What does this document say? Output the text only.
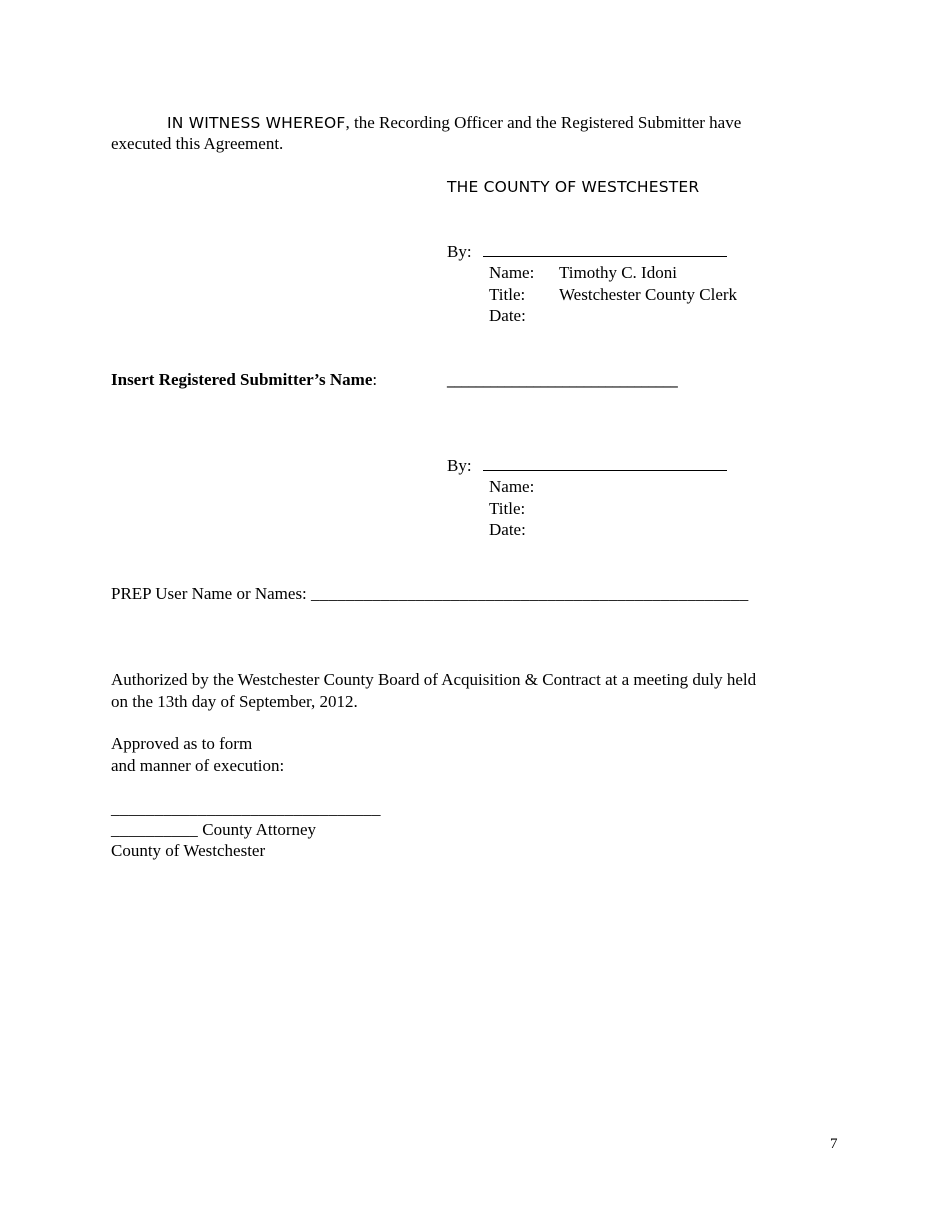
IN WITNESS WHEREOF, the Recording Officer and the Registered Submitter have
executed this Agreement.
THE COUNTY OF WESTCHESTER
By:
Name: Timothy C. Idoni
Title: Westchester County Clerk
Date:
Insert Registered Submitter’s Name:	________________________________
By:
Name:
Title:
Date:
PREP User Name or Names: __________________________________________________
Authorized by the Westchester County Board of Acquisition & Contract at a meeting duly held
on the 13th day of September, 2012.
Approved as to form
and manner of execution:
_______________________________
__________ County Attorney
County of Westchester
7
